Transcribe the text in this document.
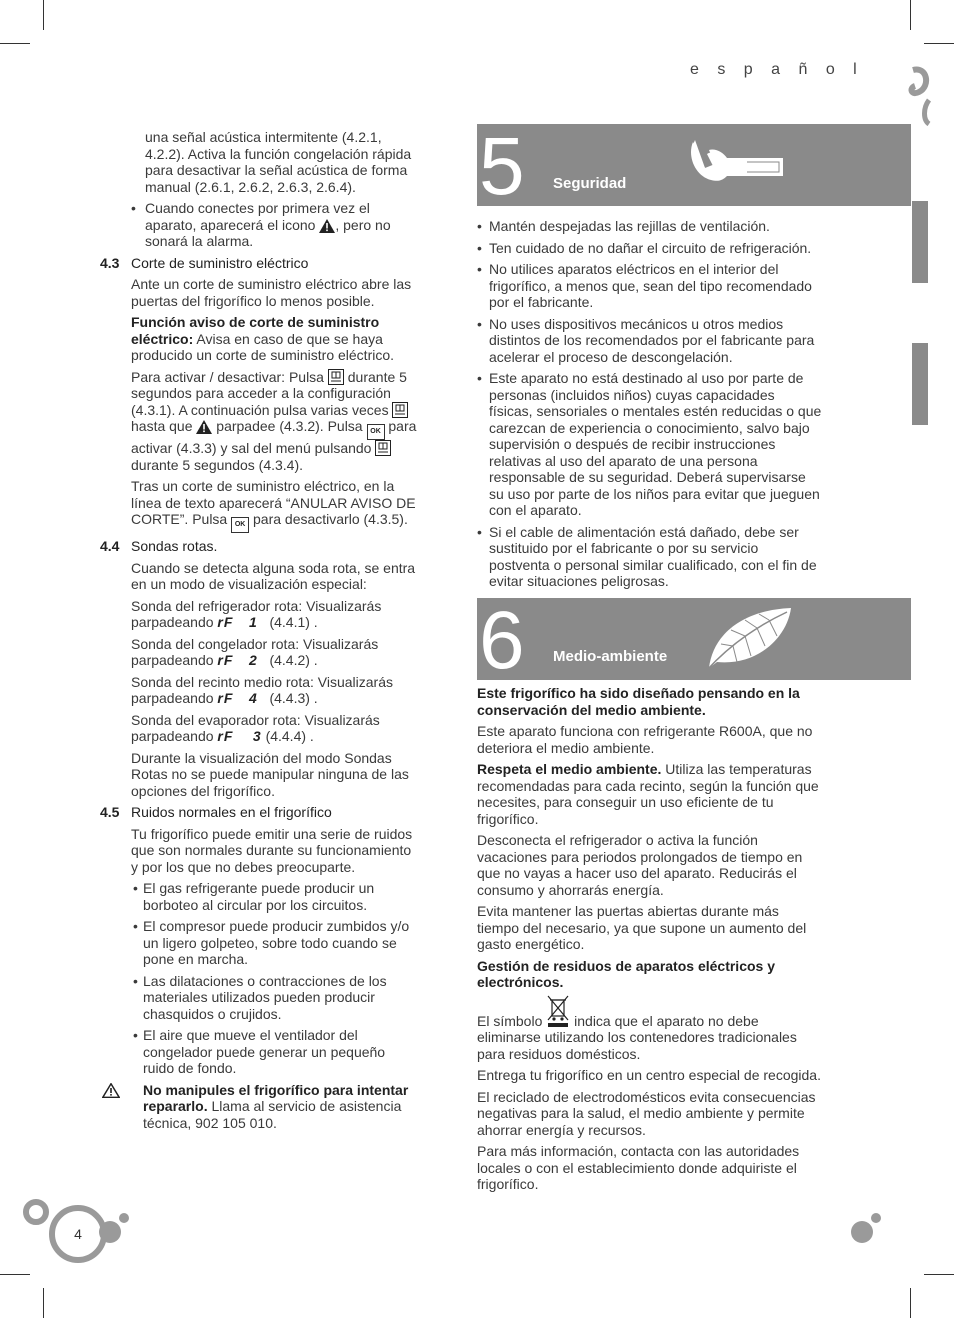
e s p a ñ o l

una señal acústica intermitente (4.2.1, 4.2.2). Activa la función congelación rápida para desactivar la señal acústica de forma manual (2.6.1, 2.6.2, 2.6.3, 2.6.4).

• Cuando conectes por primera vez el aparato, aparecerá el icono , pero no sonará la alarma.

4.3 Corte de suministro eléctrico

Ante un corte de suministro eléctrico abre las puertas del frigorífico lo menos posible.

Función aviso de corte de suministro eléctrico: Avisa en caso de que se haya producido un corte de suministro eléctrico.

Para activar / desactivar: Pulsa durante 5 segundos para acceder a la configuración (4.3.1). A continuación pulsa varias veces  hasta que parpadee (4.3.2). Pulsa OK para activar (4.3.3) y sal del menú pulsando  durante 5 segundos (4.3.4).

Tras un corte de suministro eléctrico, en la línea de texto aparecerá “ANULAR AVISO DE CORTE”. Pulsa OK para desactivarlo (4.3.5).

4.4 Sondas rotas.

Cuando se detecta alguna soda rota, se entra en un modo de visualización especial:

Sonda del refrigerador rota: Visualizarás parpadeando rF 1 (4.4.1) .

Sonda del congelador rota: Visualizarás parpadeando rF 2 (4.4.2) .

Sonda del recinto medio rota: Visualizarás parpadeando rF 4 (4.4.3) .

Sonda del evaporador rota: Visualizarás parpadeando rF 3 (4.4.4) .

Durante la visualización del modo Sondas Rotas no se puede manipular ninguna de las opciones del frigorífico.

4.5 Ruidos normales en el frigorífico

Tu frigorífico puede emitir una serie de ruidos que son normales durante su funcionamiento y por los que no debes preocuparte.

• El gas refrigerante puede producir un borboteo al circular por los circuitos.
• El compresor puede producir zumbidos y/o un ligero golpeteo, sobre todo cuando se pone en marcha.
• Las dilataciones o contracciones de los materiales utilizados pueden producir chasquidos o crujidos.
• El aire que mueve el ventilador del congelador puede generar un pequeño ruido de fondo.
No manipules el frigorífico para intentar repararlo. Llama al servicio de asistencia técnica, 902 105 010.
5 Seguridad
• Mantén despejadas las rejillas de ventilación.
• Ten cuidado de no dañar el circuito de refrigeración.
• No utilices aparatos eléctricos en el interior del frigorífico, a menos que, sean del tipo recomendado por el fabricante.
• No uses dispositivos mecánicos u otros medios distintos de los recomendados por el fabricante para acelerar el proceso de descongelación.
• Este aparato no está destinado al uso por parte de personas (incluidos niños) cuyas capacidades físicas, sensoriales o mentales estén reducidas o que carezcan de experiencia o conocimiento, salvo bajo supervisión o después de recibir instrucciones relativas al uso del aparato de una persona responsable de su seguridad. Deberá supervisarse su uso por parte de los niños para evitar que jueguen con el aparato.
• Si el cable de alimentación está dañado, debe ser sustituido por el fabricante o por su servicio postventa o personal similar cualificado, con el fin de evitar situaciones peligrosas.
6 Medio-ambiente

Este frigorífico ha sido diseñado pensando en la conservación del medio ambiente.

Este aparato funciona con refrigerante R600A, que no deteriora el medio ambiente.

Respeta el medio ambiente. Utiliza las temperaturas recomendadas para cada recinto, según la función que necesites, para conseguir un uso eficiente de tu frigorífico.

Desconecta el refrigerador o activa la función vacaciones para periodos prolongados de tiempo en que no vayas a hacer uso del aparato. Reducirás el consumo y ahorrarás energía.

Evita mantener las puertas abiertas durante más tiempo del necesario, ya que supone un aumento del gasto energético.

Gestión de residuos de aparatos eléctricos y electrónicos.

El símbolo indica que el aparato no debe eliminarse utilizando los contenedores tradicionales para residuos domésticos.

Entrega tu frigorífico en un centro especial de recogida.

El reciclado de electrodomésticos evita consecuencias negativas para la salud, el medio ambiente y permite ahorrar energía y recursos.

Para más información, contacta con las autoridades locales o con el establecimiento donde adquiriste el frigorífico.

4
